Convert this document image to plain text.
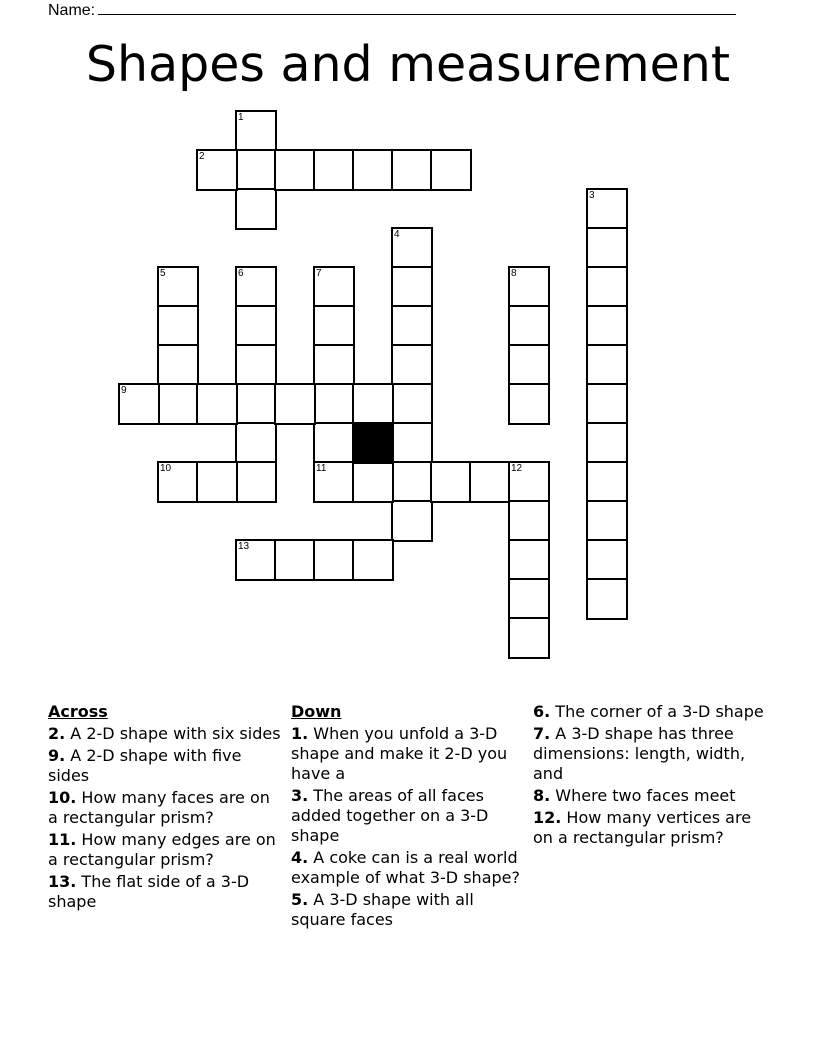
Name:
Shapes and measurement
1
2
3
4
5	6	7
11
8
9
10	12
13
Across
2. A 2-D shape with six sides
9. A 2-D shape with five sides
10. How many faces are on a rectangular prism?
11. How many edges are on a rectangular prism?
13. The flat side of a 3-D shape
Down
1. When you unfold a 3-D shape and make it 2-D you have a
3. The areas of all faces added together on a 3-D shape
4. A coke can is a real world example of what 3-D shape?
5. A 3-D shape with all square faces
6. The corner of a 3-D shape
7. A 3-D shape has three dimensions: length, width, and
8. Where two faces meet
12. How many vertices are on a rectangular prism?
